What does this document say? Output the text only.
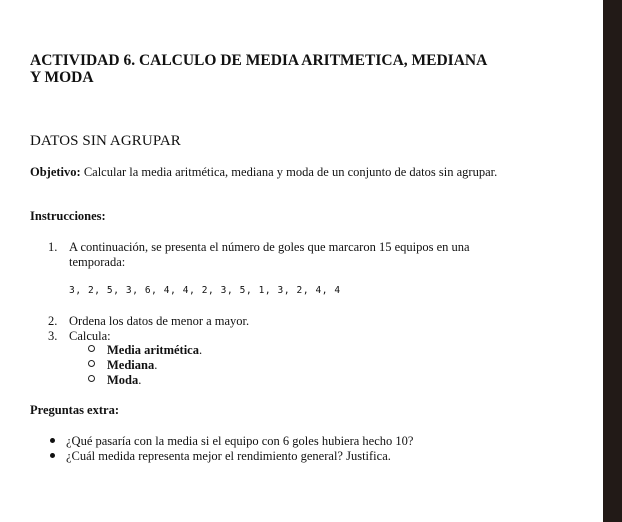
ACTIVIDAD 6. CALCULO DE MEDIA ARITMETICA, MEDIANA Y MODA
DATOS SIN AGRUPAR

Objetivo: Calcular la media aritmética, mediana y moda de un conjunto de datos sin agrupar.

Instrucciones:

1. A continuación, se presenta el número de goles que marcaron 15 equipos en una temporada:
3, 2, 5, 3, 6, 4, 4, 2, 3, 5, 1, 3, 2, 4, 4
2. Ordena los datos de menor a mayor.
3. Calcula:
Media aritmética.
Mediana.
Moda.

Preguntas extra:

¿Qué pasaría con la media si el equipo con 6 goles hubiera hecho 10?
¿Cuál medida representa mejor el rendimiento general? Justifica.
